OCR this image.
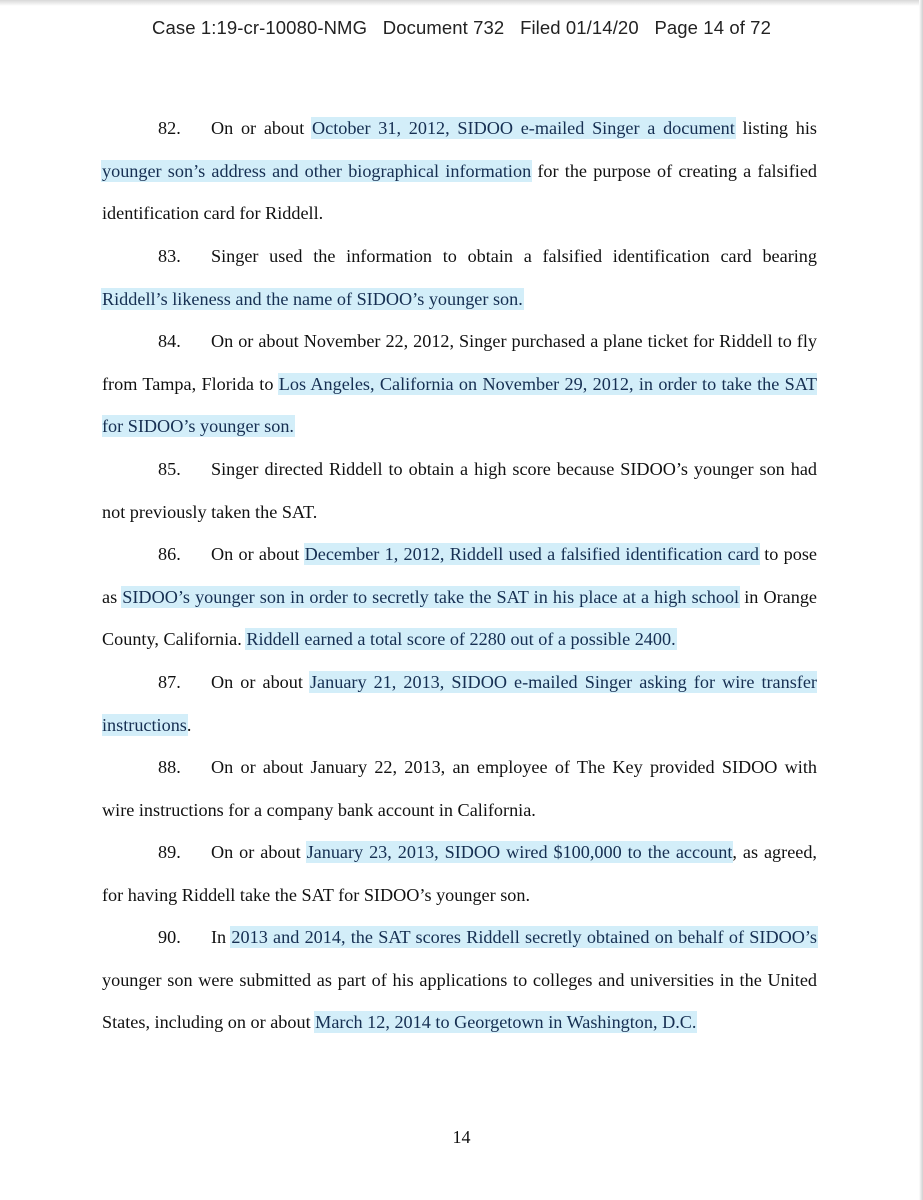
Case 1:19-cr-10080-NMG Document 732 Filed 01/14/20 Page 14 of 72

82. On or about October 31, 2012, SIDOO e-mailed Singer a document listing his younger son’s address and other biographical information for the purpose of creating a falsified identification card for Riddell.

83. Singer used the information to obtain a falsified identification card bearing Riddell’s likeness and the name of SIDOO’s younger son.

84. On or about November 22, 2012, Singer purchased a plane ticket for Riddell to fly from Tampa, Florida to Los Angeles, California on November 29, 2012, in order to take the SAT for SIDOO’s younger son.

85. Singer directed Riddell to obtain a high score because SIDOO’s younger son had not previously taken the SAT.

86. On or about December 1, 2012, Riddell used a falsified identification card to pose as SIDOO’s younger son in order to secretly take the SAT in his place at a high school in Orange County, California. Riddell earned a total score of 2280 out of a possible 2400.

87. On or about January 21, 2013, SIDOO e-mailed Singer asking for wire transfer instructions.

88. On or about January 22, 2013, an employee of The Key provided SIDOO with wire instructions for a company bank account in California.

89. On or about January 23, 2013, SIDOO wired $100,000 to the account, as agreed, for having Riddell take the SAT for SIDOO’s younger son.

90. In 2013 and 2014, the SAT scores Riddell secretly obtained on behalf of SIDOO’s younger son were submitted as part of his applications to colleges and universities in the United States, including on or about March 12, 2014 to Georgetown in Washington, D.C.

14
